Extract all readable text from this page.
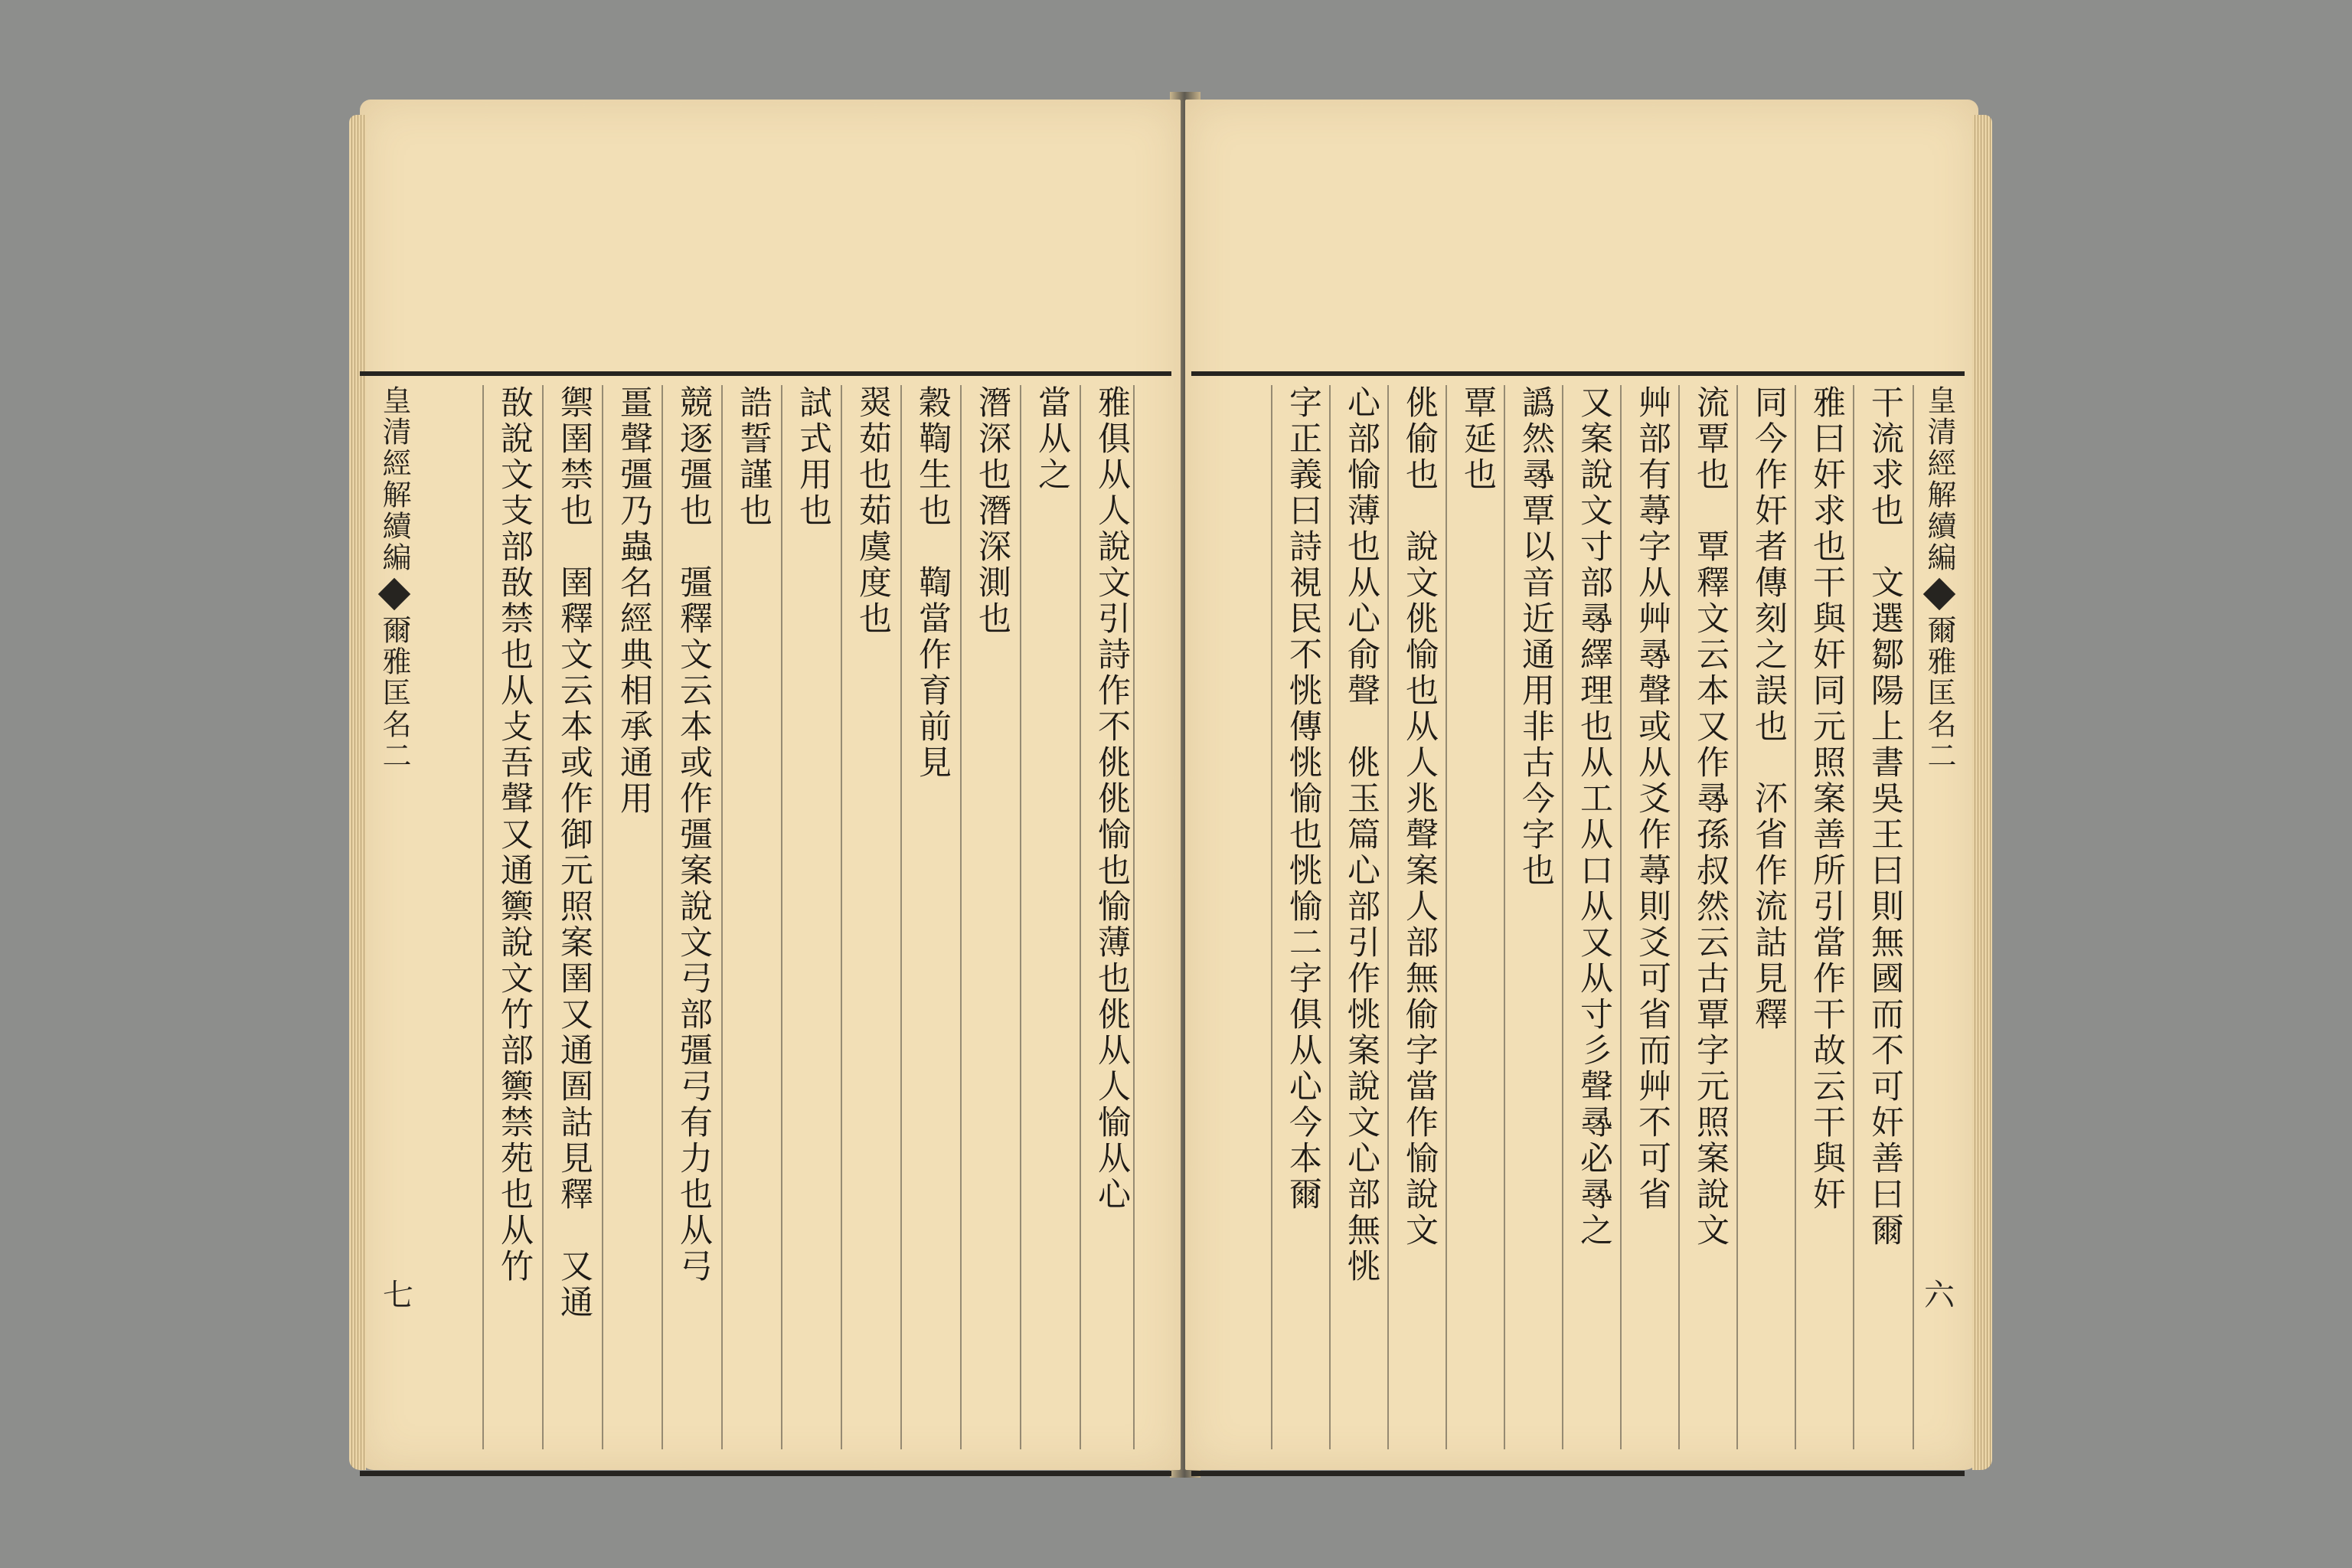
雅俱从人說文引詩作不佻佻愉也愉薄也佻从人愉从心
當从之
潛深也潛深測也
穀鞫生也　鞫當作育前見
翜茹也茹虞度也
試式用也
誥誓謹也
競逐彊也　彊釋文云本或作彊案說文弓部彊弓有力也从弓
畺聲彊乃蟲名經典相承通用
禦圉禁也　圉釋文云本或作御元照案圉又通圄詁見釋　又通
敔說文支部敔禁也从攴吾聲又通籞說文竹部籞禁苑也从竹
皇清經解續編爾雅匡名二
七
皇清經解續編爾雅匡名二
六
干流求也　文選鄒陽上書吳王曰則無國而不可奸善曰爾
雅曰奸求也干與奸同元照案善所引當作干故云干與奸
同今作奸者傳刻之誤也　㳅省作流詁見釋
流覃也　覃釋文云本又作㝷孫叔然云古覃字元照案說文
艸部有蕁字从艸㝷聲或从爻作蕁則爻可省而艸不可省
又案說文寸部㝷繹理也从工从口从又从寸彡聲㝷必㝷之
譌然㝷覃以音近通用非古今字也
覃延也
佻偷也　說文佻愉也从人兆聲案人部無偷字當作愉說文
心部愉薄也从心俞聲　佻玉篇心部引作恌案說文心部無恌
字正義曰詩視民不恌傳恌愉也恌愉二字俱从心今本爾
